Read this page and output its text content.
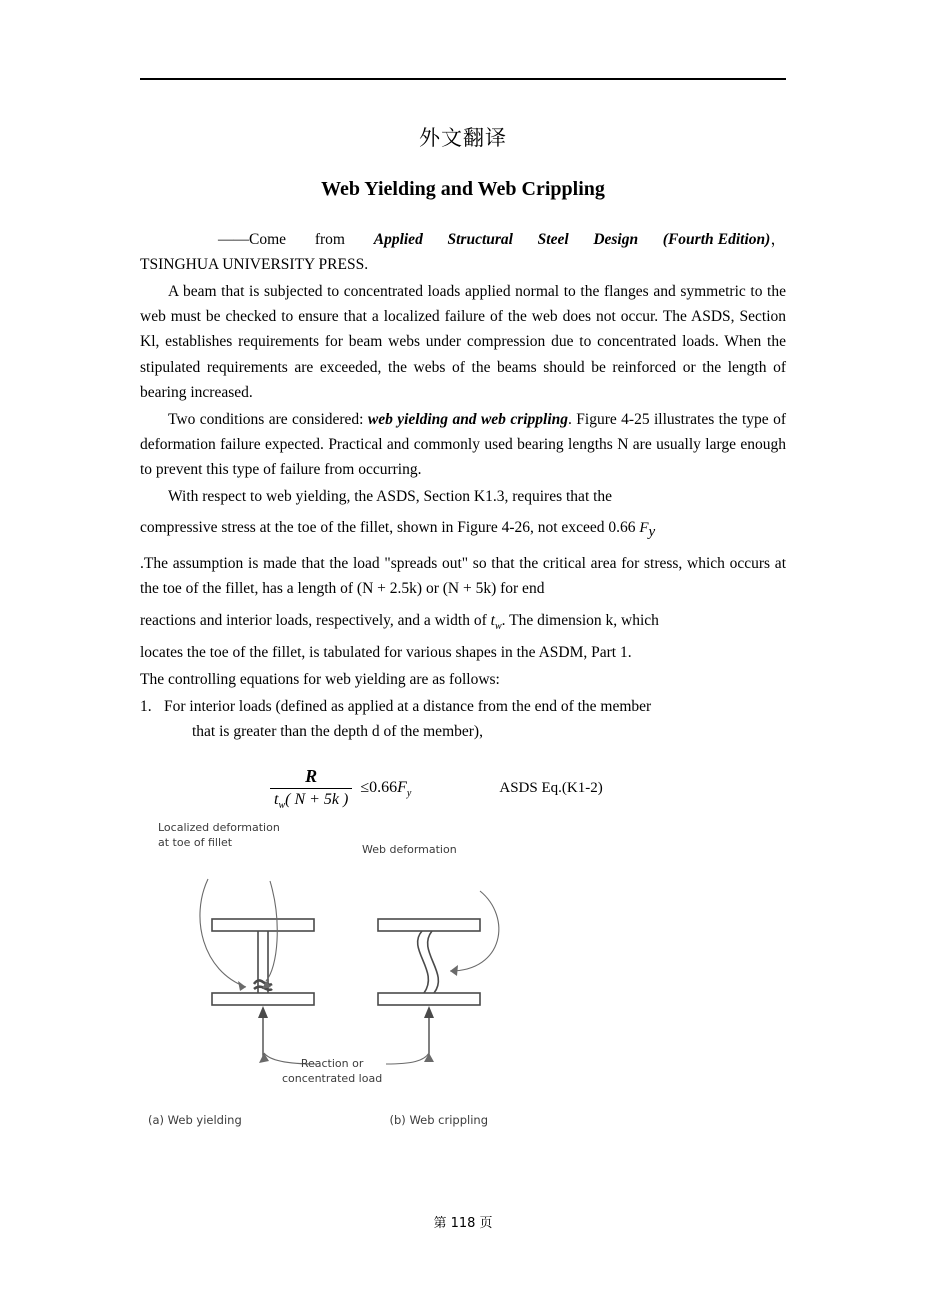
外文翻译
Web Yielding and Web Crippling

——Come from Applied Structural Steel Design (Fourth Edition)，TSINGHUA UNIVERSITY PRESS.

A beam that is subjected to concentrated loads applied normal to the flanges and symmetric to the web must be checked to ensure that a localized failure of the web does not occur. The ASDS, Section Kl, establishes requirements for beam webs under compression due to concentrated loads. When the stipulated requirements are exceeded, the webs of the beams should be reinforced or the length of bearing increased.

Two conditions are considered: web yielding and web crippling. Figure 4-25 illustrates the type of deformation failure expected. Practical and commonly used bearing lengths N are usually large enough to prevent this type of failure from occurring.

With respect to web yielding, the ASDS, Section K1.3, requires that the

compressive stress at the toe of the fillet, shown in Figure 4-26, not exceed 0.66 Fy

.The assumption is made that the load "spreads out" so that the critical area for stress, which occurs at the toe of the fillet, has a length of (N + 2.5k) or (N + 5k) for end

reactions and interior loads, respectively, and a width of $t_w$. The dimension k, which

locates the toe of the fillet, is tabulated for various shapes in the ASDM, Part 1.

The controlling equations for web yielding are as follows:

1. For interior loads (defined as applied at a distance from the end of the member
that is greater than the depth d of the member),
$\frac{R}{t_w( N + 5k )} \le 0.66F_y$	ASDS Eq.(K1-2)
Localized deformation
at toe of fillet
Web deformation
Reaction or
concentrated load
(a) Web yielding	(b) Web crippling
第 118 页
